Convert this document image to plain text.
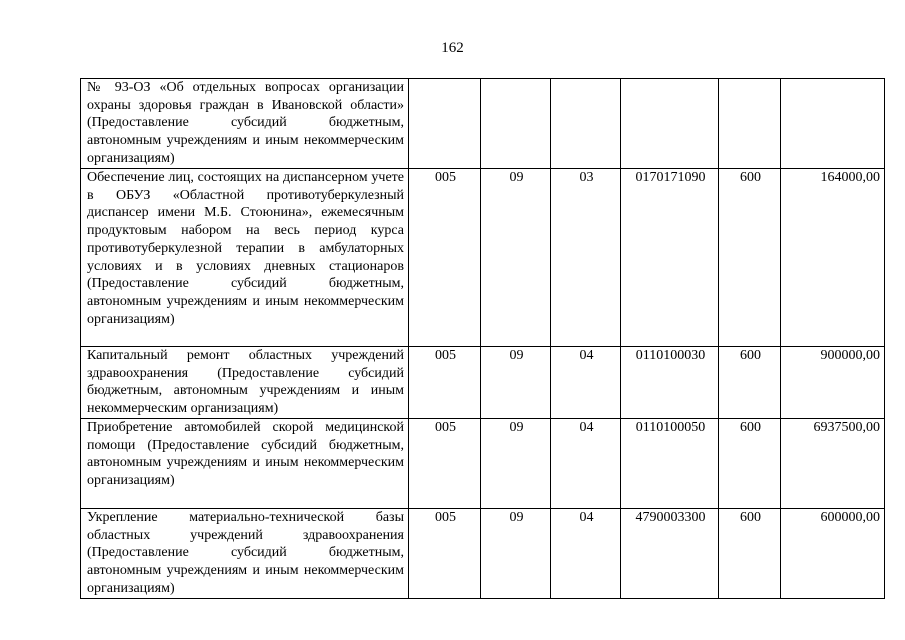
162
№ 93-ОЗ «Об отдельных вопросах организации охраны здоровья граждан в Ивановской области» (Предоставление субсидий бюджетным, автономным учреждениям и иным некоммерческим организациям)						
Обеспечение лиц, состоящих на диспансерном учете в ОБУЗ «Областной противотуберкулезный диспансер имени М.Б. Стоюнина», ежемесячным продуктовым набором на весь период курса противотуберкулезной терапии в амбулаторных условиях и в условиях дневных стационаров (Предоставление субсидий бюджетным, автономным учреждениям и иным некоммерческим организациям)	005	09	03	0170171090	600	164000,00
Капитальный ремонт областных учреждений здравоохранения (Предоставление субсидий бюджетным, автономным учреждениям и иным некоммерческим организациям)	005	09	04	0110100030	600	900000,00
Приобретение автомобилей скорой медицинской помощи (Предоставление субсидий бюджетным, автономным учреждениям и иным некоммерческим организациям)	005	09	04	0110100050	600	6937500,00
Укрепление материально-технической базы областных учреждений здравоохранения (Предоставление субсидий бюджетным, автономным учреждениям и иным некоммерческим организациям)	005	09	04	4790003300	600	600000,00
